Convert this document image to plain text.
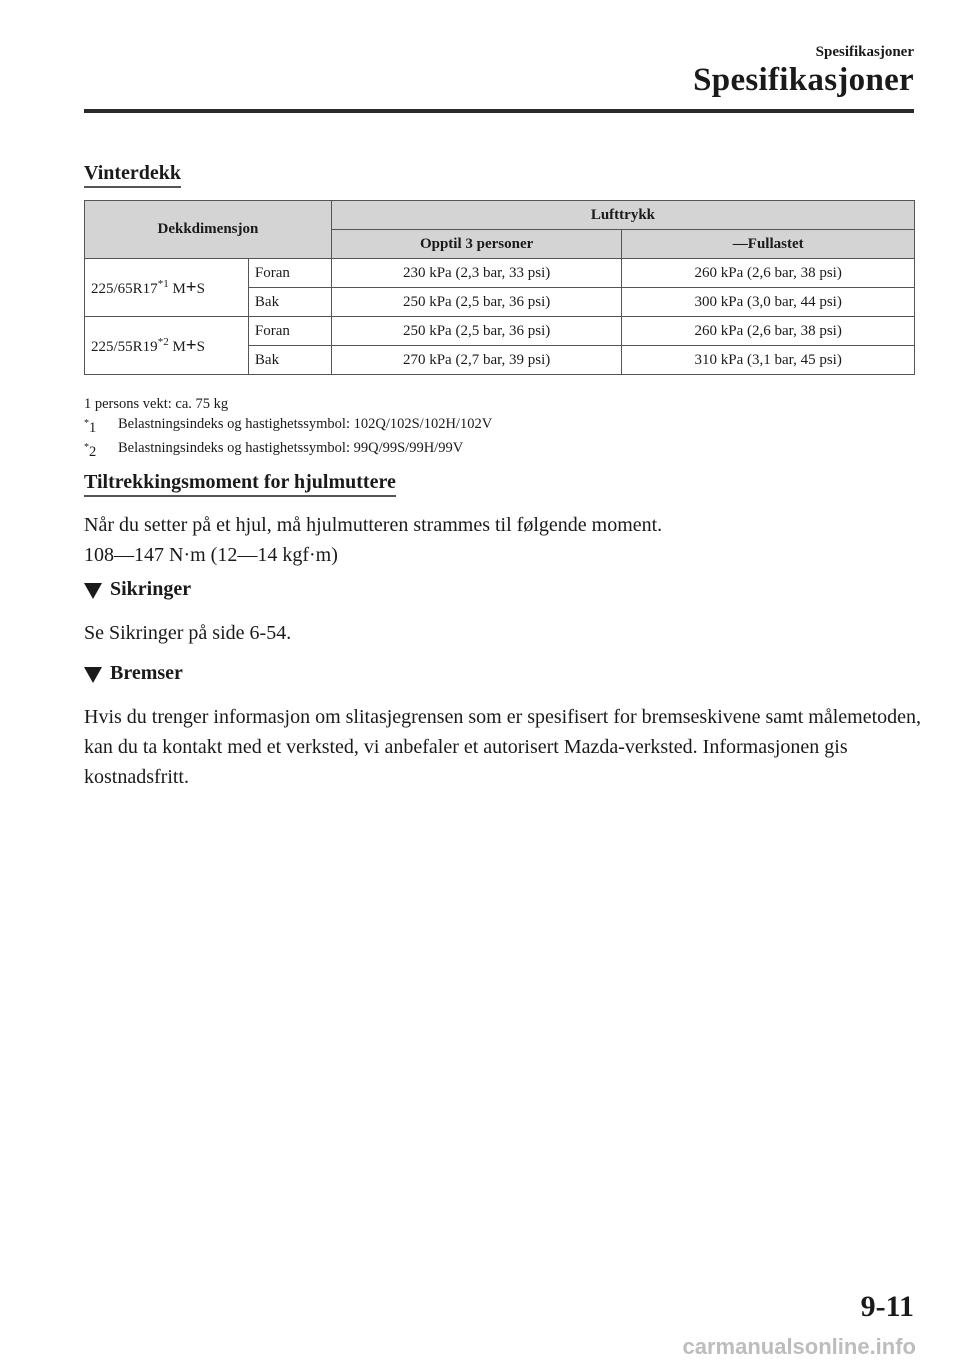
Spesifikasjoner
Spesifikasjoner
Vinterdekk
Dekkdimensjon		Lufttrykk	
		Opptil 3 personer	―Fullastet
225/65R17$^{*1}$ M+S	Foran	230 kPa (2,3 bar, 33 psi)	260 kPa (2,6 bar, 38 psi)
	Bak	250 kPa (2,5 bar, 36 psi)	300 kPa (3,0 bar, 44 psi)
225/55R19$^{*2}$ M+S	Foran	250 kPa (2,5 bar, 36 psi)	260 kPa (2,6 bar, 38 psi)
	Bak	270 kPa (2,7 bar, 39 psi)	310 kPa (3,1 bar, 45 psi)
1 persons vekt: ca. 75 kg
*1	Belastningsindeks og hastighetssymbol: 102Q/102S/102H/102V
*2	Belastningsindeks og hastighetssymbol: 99Q/99S/99H/99V
Tiltrekkingsmoment for hjulmuttere
Når du setter på et hjul, må hjulmutteren strammes til følgende moment.
108―147 N·m (12―14 kgf·m)
Sikringer
Se Sikringer på side 6-54.
Bremser
Hvis du trenger informasjon om slitasjegrensen som er spesifisert for bremseskivene samt målemetoden, kan du ta kontakt med et verksted, vi anbefaler et autorisert Mazda-verksted. Informasjonen gis kostnadsfritt.
9-11
carmanualsonline.info
